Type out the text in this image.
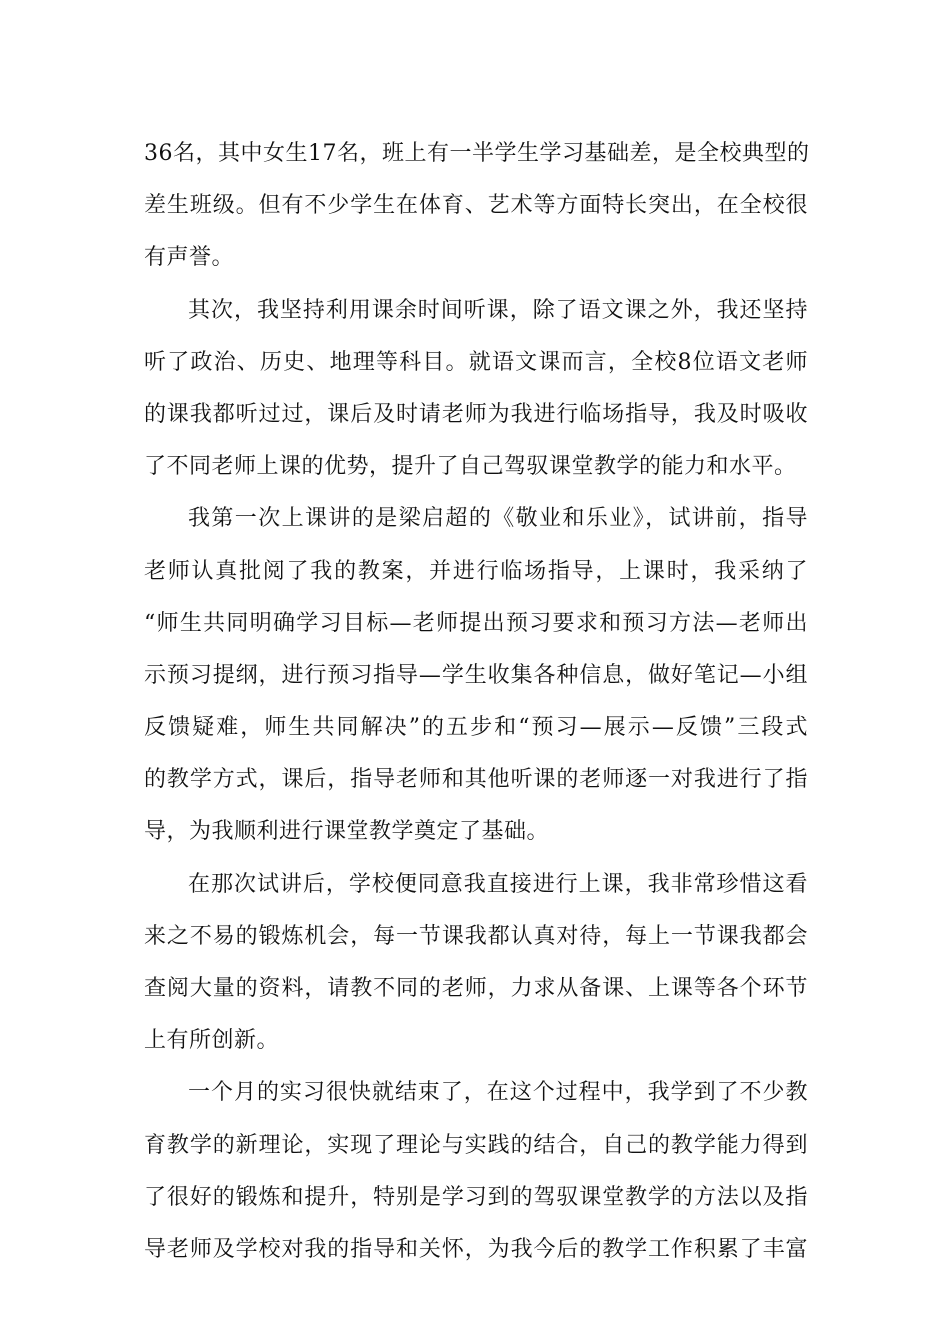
36名，其中女生17名，班上有一半学生学习基础差，是全校典型的
差生班级。但有不少学生在体育、艺术等方面特长突出，在全校很
有声誉。
其次，我坚持利用课余时间听课，除了语文课之外，我还坚持
听了政治、历史、地理等科目。就语文课而言，全校8位语文老师
的课我都听过过，课后及时请老师为我进行临场指导，我及时吸收
了不同老师上课的优势，提升了自己驾驭课堂教学的能力和水平。
我第一次上课讲的是梁启超的《敬业和乐业》，试讲前，指导
老师认真批阅了我的教案，并进行临场指导，上课时，我采纳了
“师生共同明确学习目标—老师提出预习要求和预习方法—老师出
示预习提纲，进行预习指导—学生收集各种信息，做好笔记—小组
反馈疑难，师生共同解决”的五步和“预习—展示—反馈”三段式
的教学方式，课后，指导老师和其他听课的老师逐一对我进行了指
导，为我顺利进行课堂教学奠定了基础。
在那次试讲后，学校便同意我直接进行上课，我非常珍惜这看
来之不易的锻炼机会，每一节课我都认真对待，每上一节课我都会
查阅大量的资料，请教不同的老师，力求从备课、上课等各个环节
上有所创新。
一个月的实习很快就结束了，在这个过程中，我学到了不少教
育教学的新理论，实现了理论与实践的结合，自己的教学能力得到
了很好的锻炼和提升，特别是学习到的驾驭课堂教学的方法以及指
导老师及学校对我的指导和关怀，为我今后的教学工作积累了丰富
